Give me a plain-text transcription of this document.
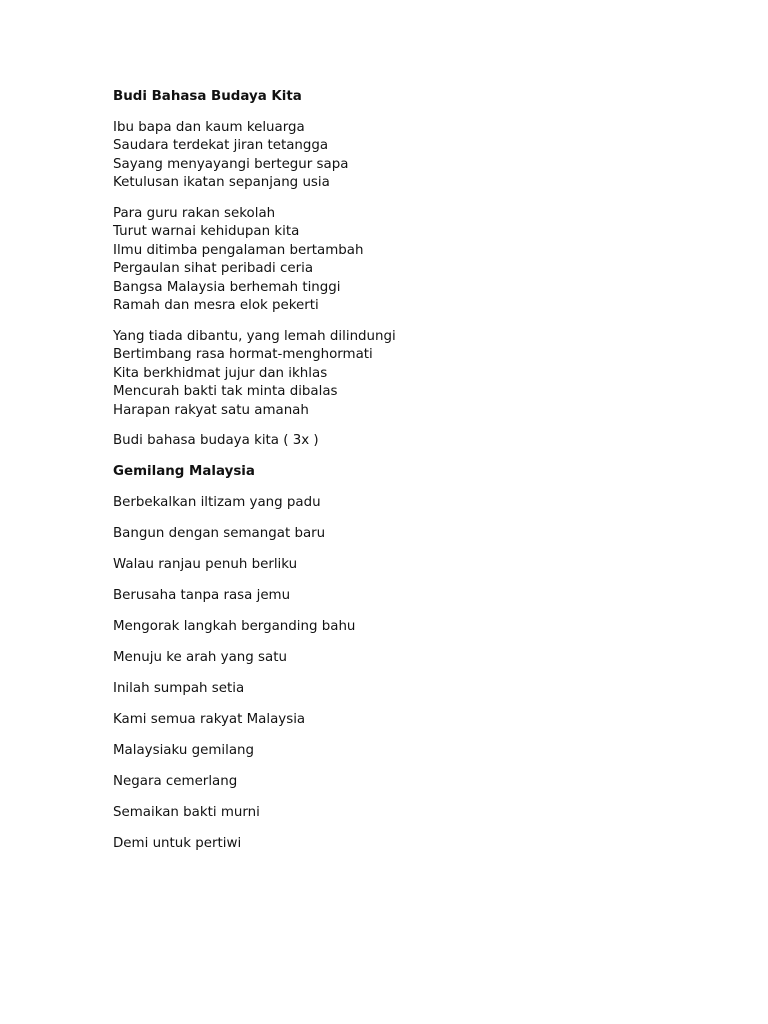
Budi Bahasa Budaya Kita
Ibu bapa dan kaum keluarga
Saudara terdekat jiran tetangga
Sayang menyayangi bertegur sapa
Ketulusan ikatan sepanjang usia
Para guru rakan sekolah
Turut warnai kehidupan kita
Ilmu ditimba pengalaman bertambah
Pergaulan sihat peribadi ceria
Bangsa Malaysia berhemah tinggi
Ramah dan mesra elok pekerti
Yang tiada dibantu, yang lemah dilindungi
Bertimbang rasa hormat-menghormati
Kita berkhidmat jujur dan ikhlas
Mencurah bakti tak minta dibalas
Harapan rakyat satu amanah
Budi bahasa budaya kita ( 3x )
Gemilang Malaysia
Berbekalkan iltizam yang padu
Bangun dengan semangat baru
Walau ranjau penuh berliku
Berusaha tanpa rasa jemu
Mengorak langkah berganding bahu
Menuju ke arah yang satu
Inilah sumpah setia
Kami semua rakyat Malaysia
Malaysiaku gemilang
Negara cemerlang
Semaikan bakti murni
Demi untuk pertiwi
